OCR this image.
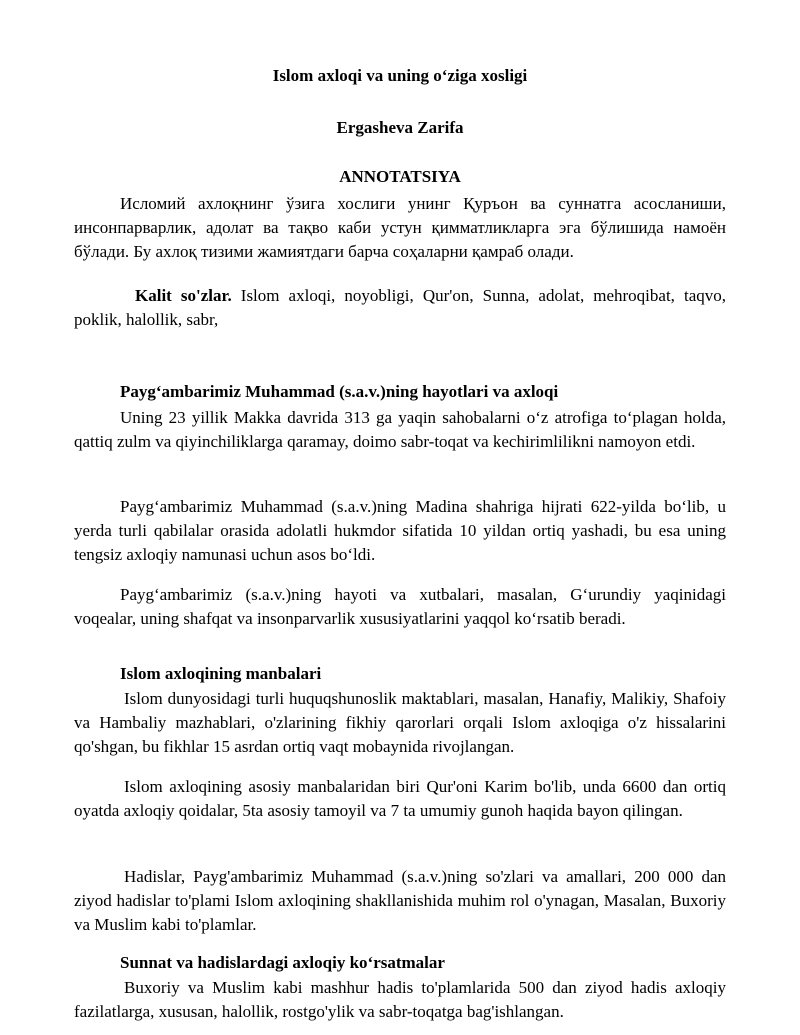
Islom axloqi va uning o‘ziga xosligi
Ergasheva Zarifa
ANNOTATSIYA

Исломий ахлоқнинг ўзига хослиги унинг Қуръон ва суннатга асосланиши, инсонпарварлик, адолат ва тақво каби устун қимматликларга эга бўлишида намоён бўлади. Бу ахлоқ тизими жамиятдаги барча соҳаларни қамраб олади.

Kalit so'zlar. Islom axloqi, noyobligi, Qur'on, Sunna, adolat, mehroqibat, taqvo, poklik, halollik, sabr,

Payg‘ambarimiz Muhammad (s.a.v.)ning hayotlari va axloqi

Uning 23 yillik Makka davrida 313 ga yaqin sahobalarni o‘z atrofiga to‘plagan holda, qattiq zulm va qiyinchiliklarga qaramay, doimo sabr-toqat va kechirimlilikni namoyon etdi.

Payg‘ambarimiz Muhammad (s.a.v.)ning Madina shahriga hijrati 622-yilda bo‘lib, u yerda turli qabilalar orasida adolatli hukmdor sifatida 10 yildan ortiq yashadi, bu esa uning tengsiz axloqiy namunasi uchun asos bo‘ldi.

Payg‘ambarimiz (s.a.v.)ning hayoti va xutbalari, masalan, G‘urundiy yaqinidagi voqealar, uning shafqat va insonparvarlik xususiyatlarini yaqqol ko‘rsatib beradi.

Islom axloqining manbalari

Islom dunyosidagi turli huquqshunoslik maktablari, masalan, Hanafiy, Malikiy, Shafoiy va Hambaliy mazhablari, o'zlarining fikhiy qarorlari orqali Islom axloqiga o'z hissalarini qo'shgan, bu fikhlar 15 asrdan ortiq vaqt mobaynida rivojlangan.

Islom axloqining asosiy manbalaridan biri Qur'oni Karim bo'lib, unda 6600 dan ortiq oyatda axloqiy qoidalar, 5ta asosiy tamoyil va 7 ta umumiy gunoh haqida bayon qilingan.

Hadislar, Payg'ambarimiz Muhammad (s.a.v.)ning so'zlari va amallari, 200 000 dan ziyod hadislar to'plami Islom axloqining shakllanishida muhim rol o'ynagan, Masalan, Buxoriy va Muslim kabi to'plamlar.

Sunnat va hadislardagi axloqiy ko‘rsatmalar

Buxoriy va Muslim kabi mashhur hadis to'plamlarida 500 dan ziyod hadis axloqiy fazilatlarga, xususan, halollik, rostgo'ylik va sabr-toqatga bag'ishlangan.
